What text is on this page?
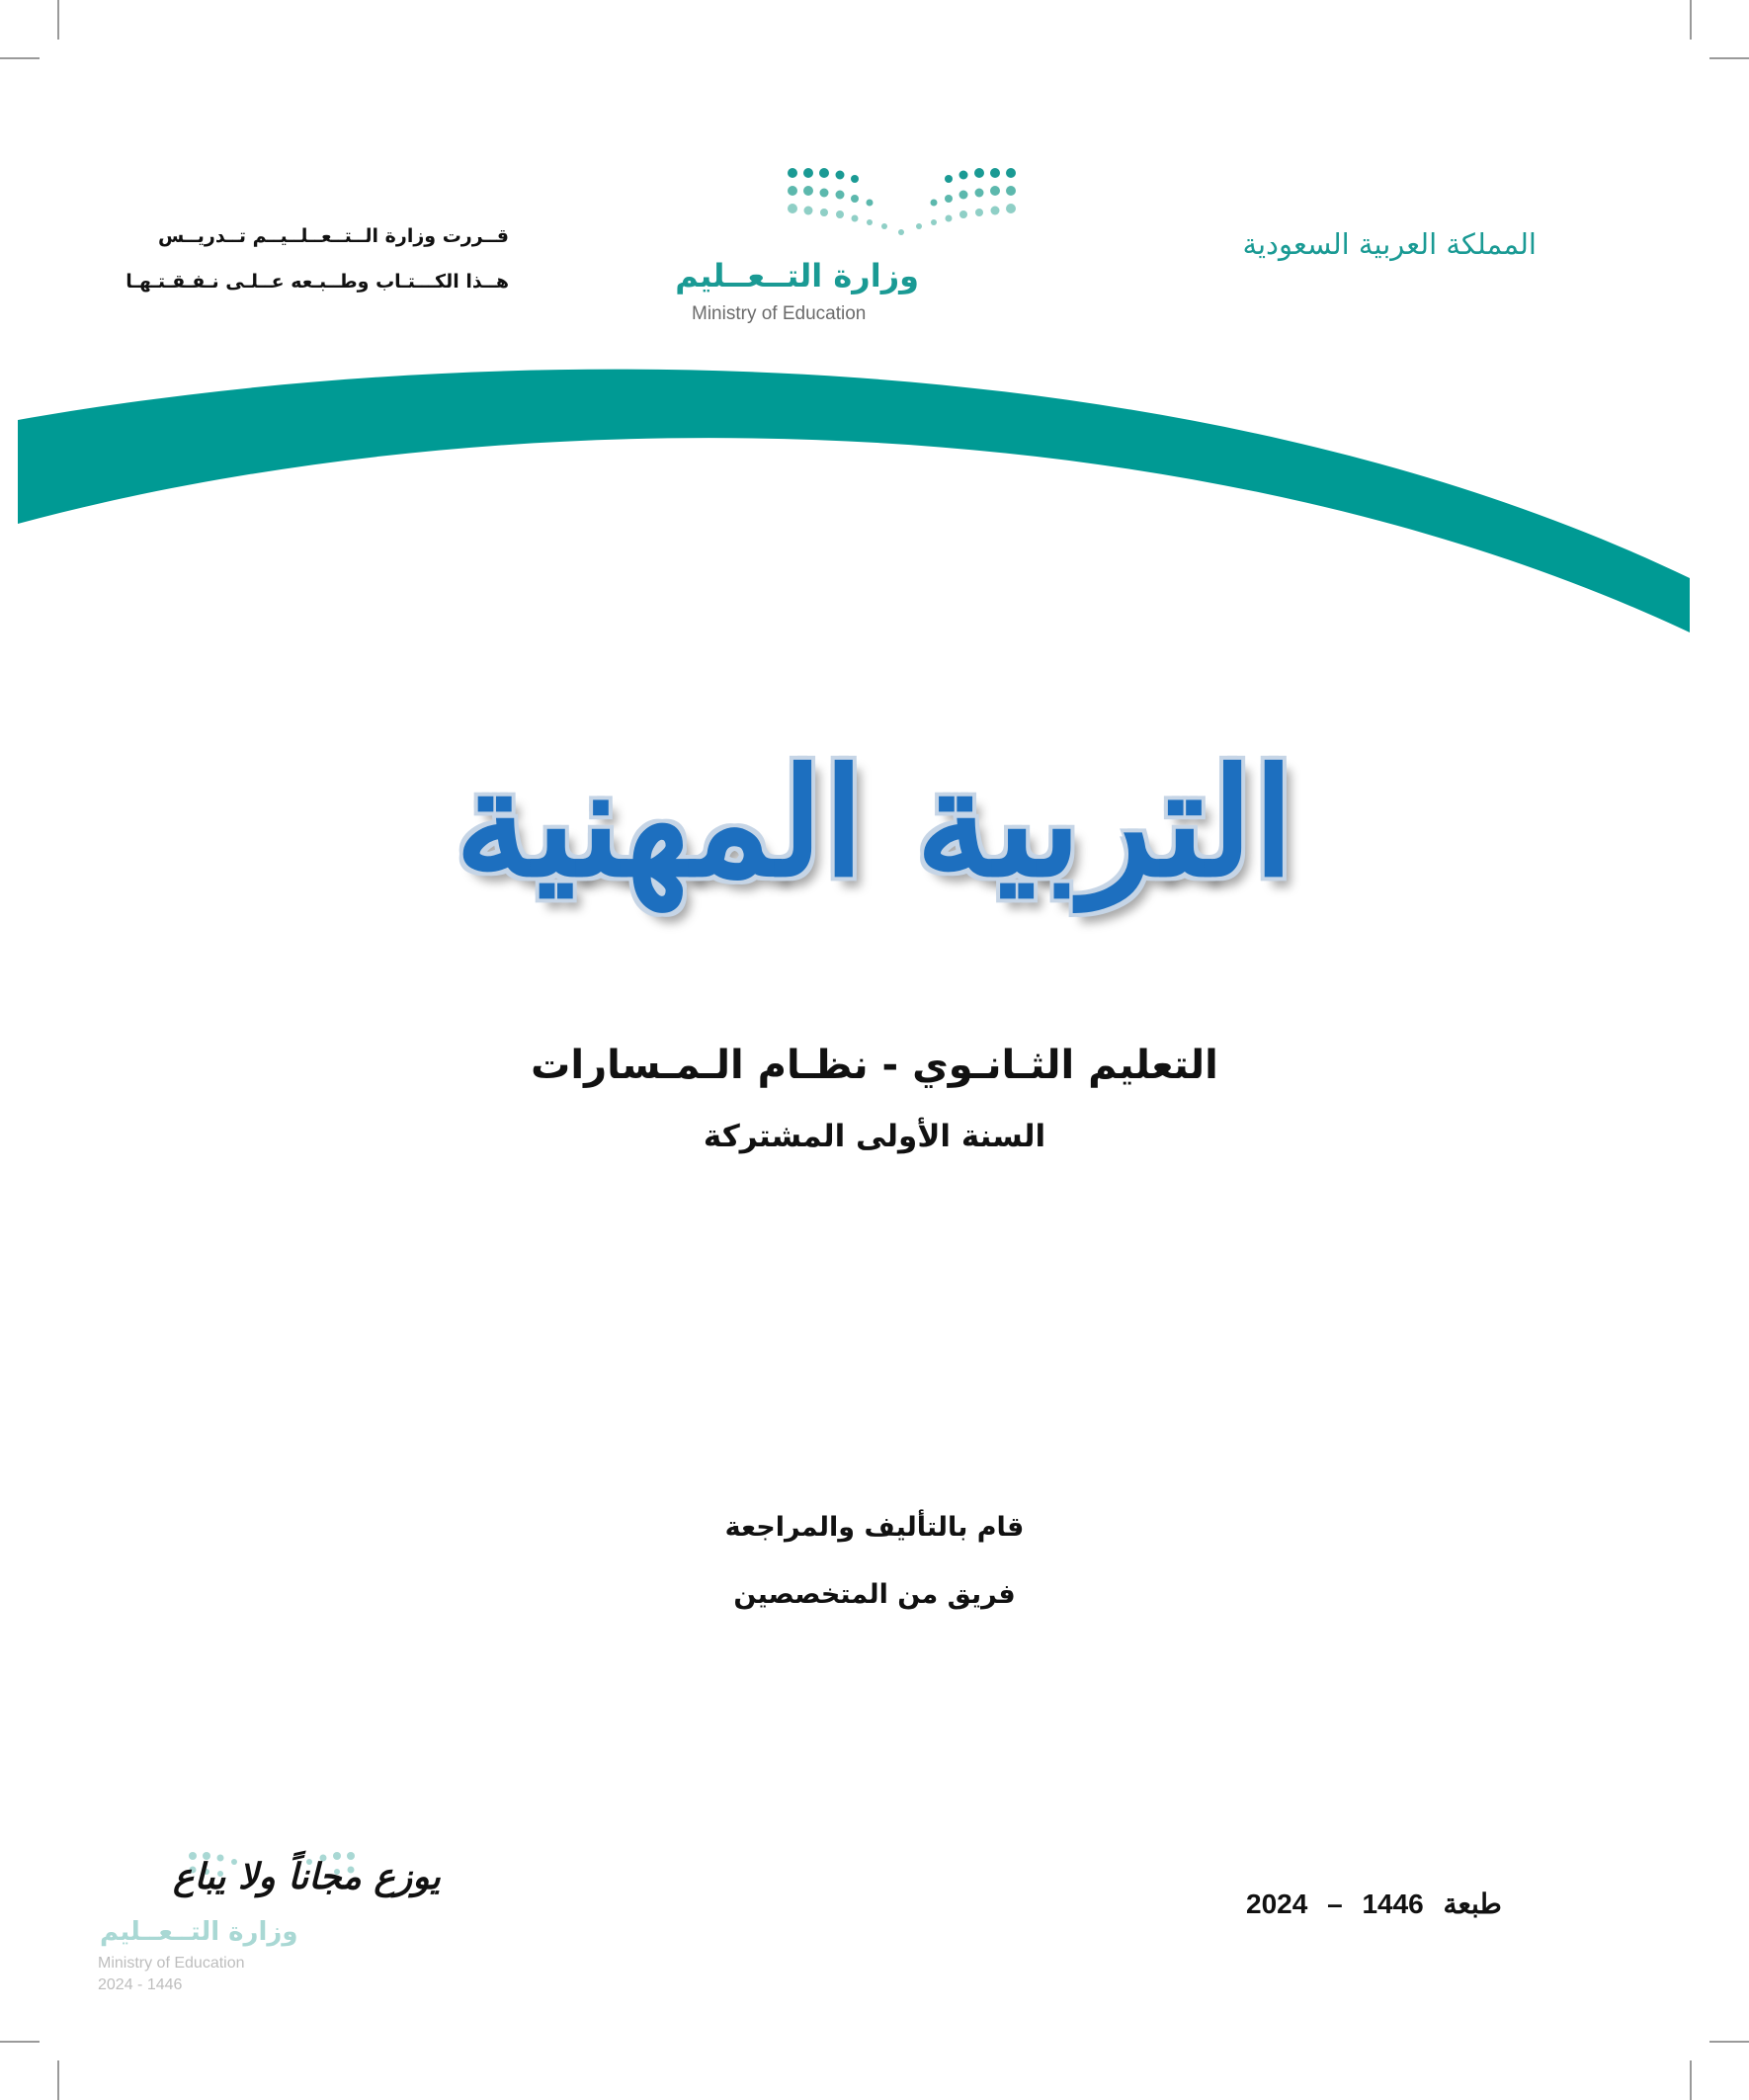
المملكة العربية السعودية
قــررت وزارة الــتــعــلــيــم تــدريــس
هــذا الكـــتـاب وطــبـعه عــلـى نـفـقـتـهـا	وزارة التــعــليم
Ministry of Education
التربية المهنية
التعليم الثـانـوي - نظـام الـمـسارات
السنة الأولى المشتركة
قام بالتأليف والمراجعة
فريق من المتخصصين
2024 – 1446 طبعة
يوزع مجاناً ولا يباع
وزارة التــعــليم
Ministry of Education
2024 - 1446
